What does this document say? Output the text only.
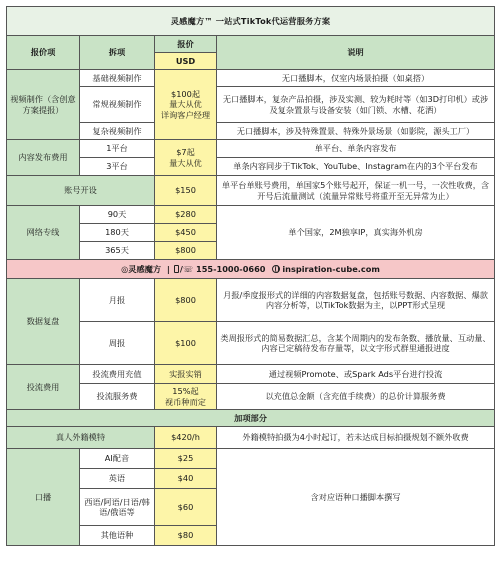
灵感魔方™ 一站式TikTok代运营服务方案			
报价项	拆项	报价	说明
		USD	
视频制作（含创意方案提报）	基础视频制作	$100起
量大从优
详询客户经理	无口播脚本，仅室内场景拍摄（如桌搭）
	常规视频制作		无口播脚本，复杂产品拍摄，涉及实测、较为耗时等（如3D打印机）或涉及复杂置景与设备安装（如门锁、水槽、花洒）
	复杂视频制作		无口播脚本，涉及特殊置景、特殊外景场景（如影院，源头工厂）
内容发布费用	1平台	$7起
量大从优	单平台、单条内容发布
	3平台		单条内容同步于TikTok、YouTube、Instagram在内的3个平台发布
账号开设		$150	单平台单账号费用，单国家5个账号起开，保证一机一号，一次性收费，含开号后流量测试（流量异常账号将重开至无异常为止）
网络专线	90天	$280	单个国家，2M独享IP，真实海外机房
	180天	$450	
	365天	$800	
◎灵感魔方 | /☏ 155-1000-0660 inspiration-cube.com			
数据复盘	月报	$800	月报/季度报形式的详细的内容数据复盘，包括账号数据、内容数据、爆款内容分析等，以TikTok数据为主，以PPT形式呈现
	周报	$100	类周报形式的简易数据汇总，含某个周期内的发布条数、播放量、互动量、内容已定稿待发布存量等，以文字形式群里通报进度
投流费用	投流费用充值	实报实销	通过视频Promote、或Spark Ads平台进行投流
	投流服务费	15%起
视币种而定	以充值总金额（含充值手续费）的总价计算服务费
加项部分			
真人外籍模特		$420/h	外籍模特拍摄为4小时起订，若未达成目标拍摄规划不额外收费
口播	AI配音	$25	含对应语种口播脚本撰写
	英语	$40	
	西语/阿语/日语/韩语/俄语等	$60	
	其他语种	$80	
